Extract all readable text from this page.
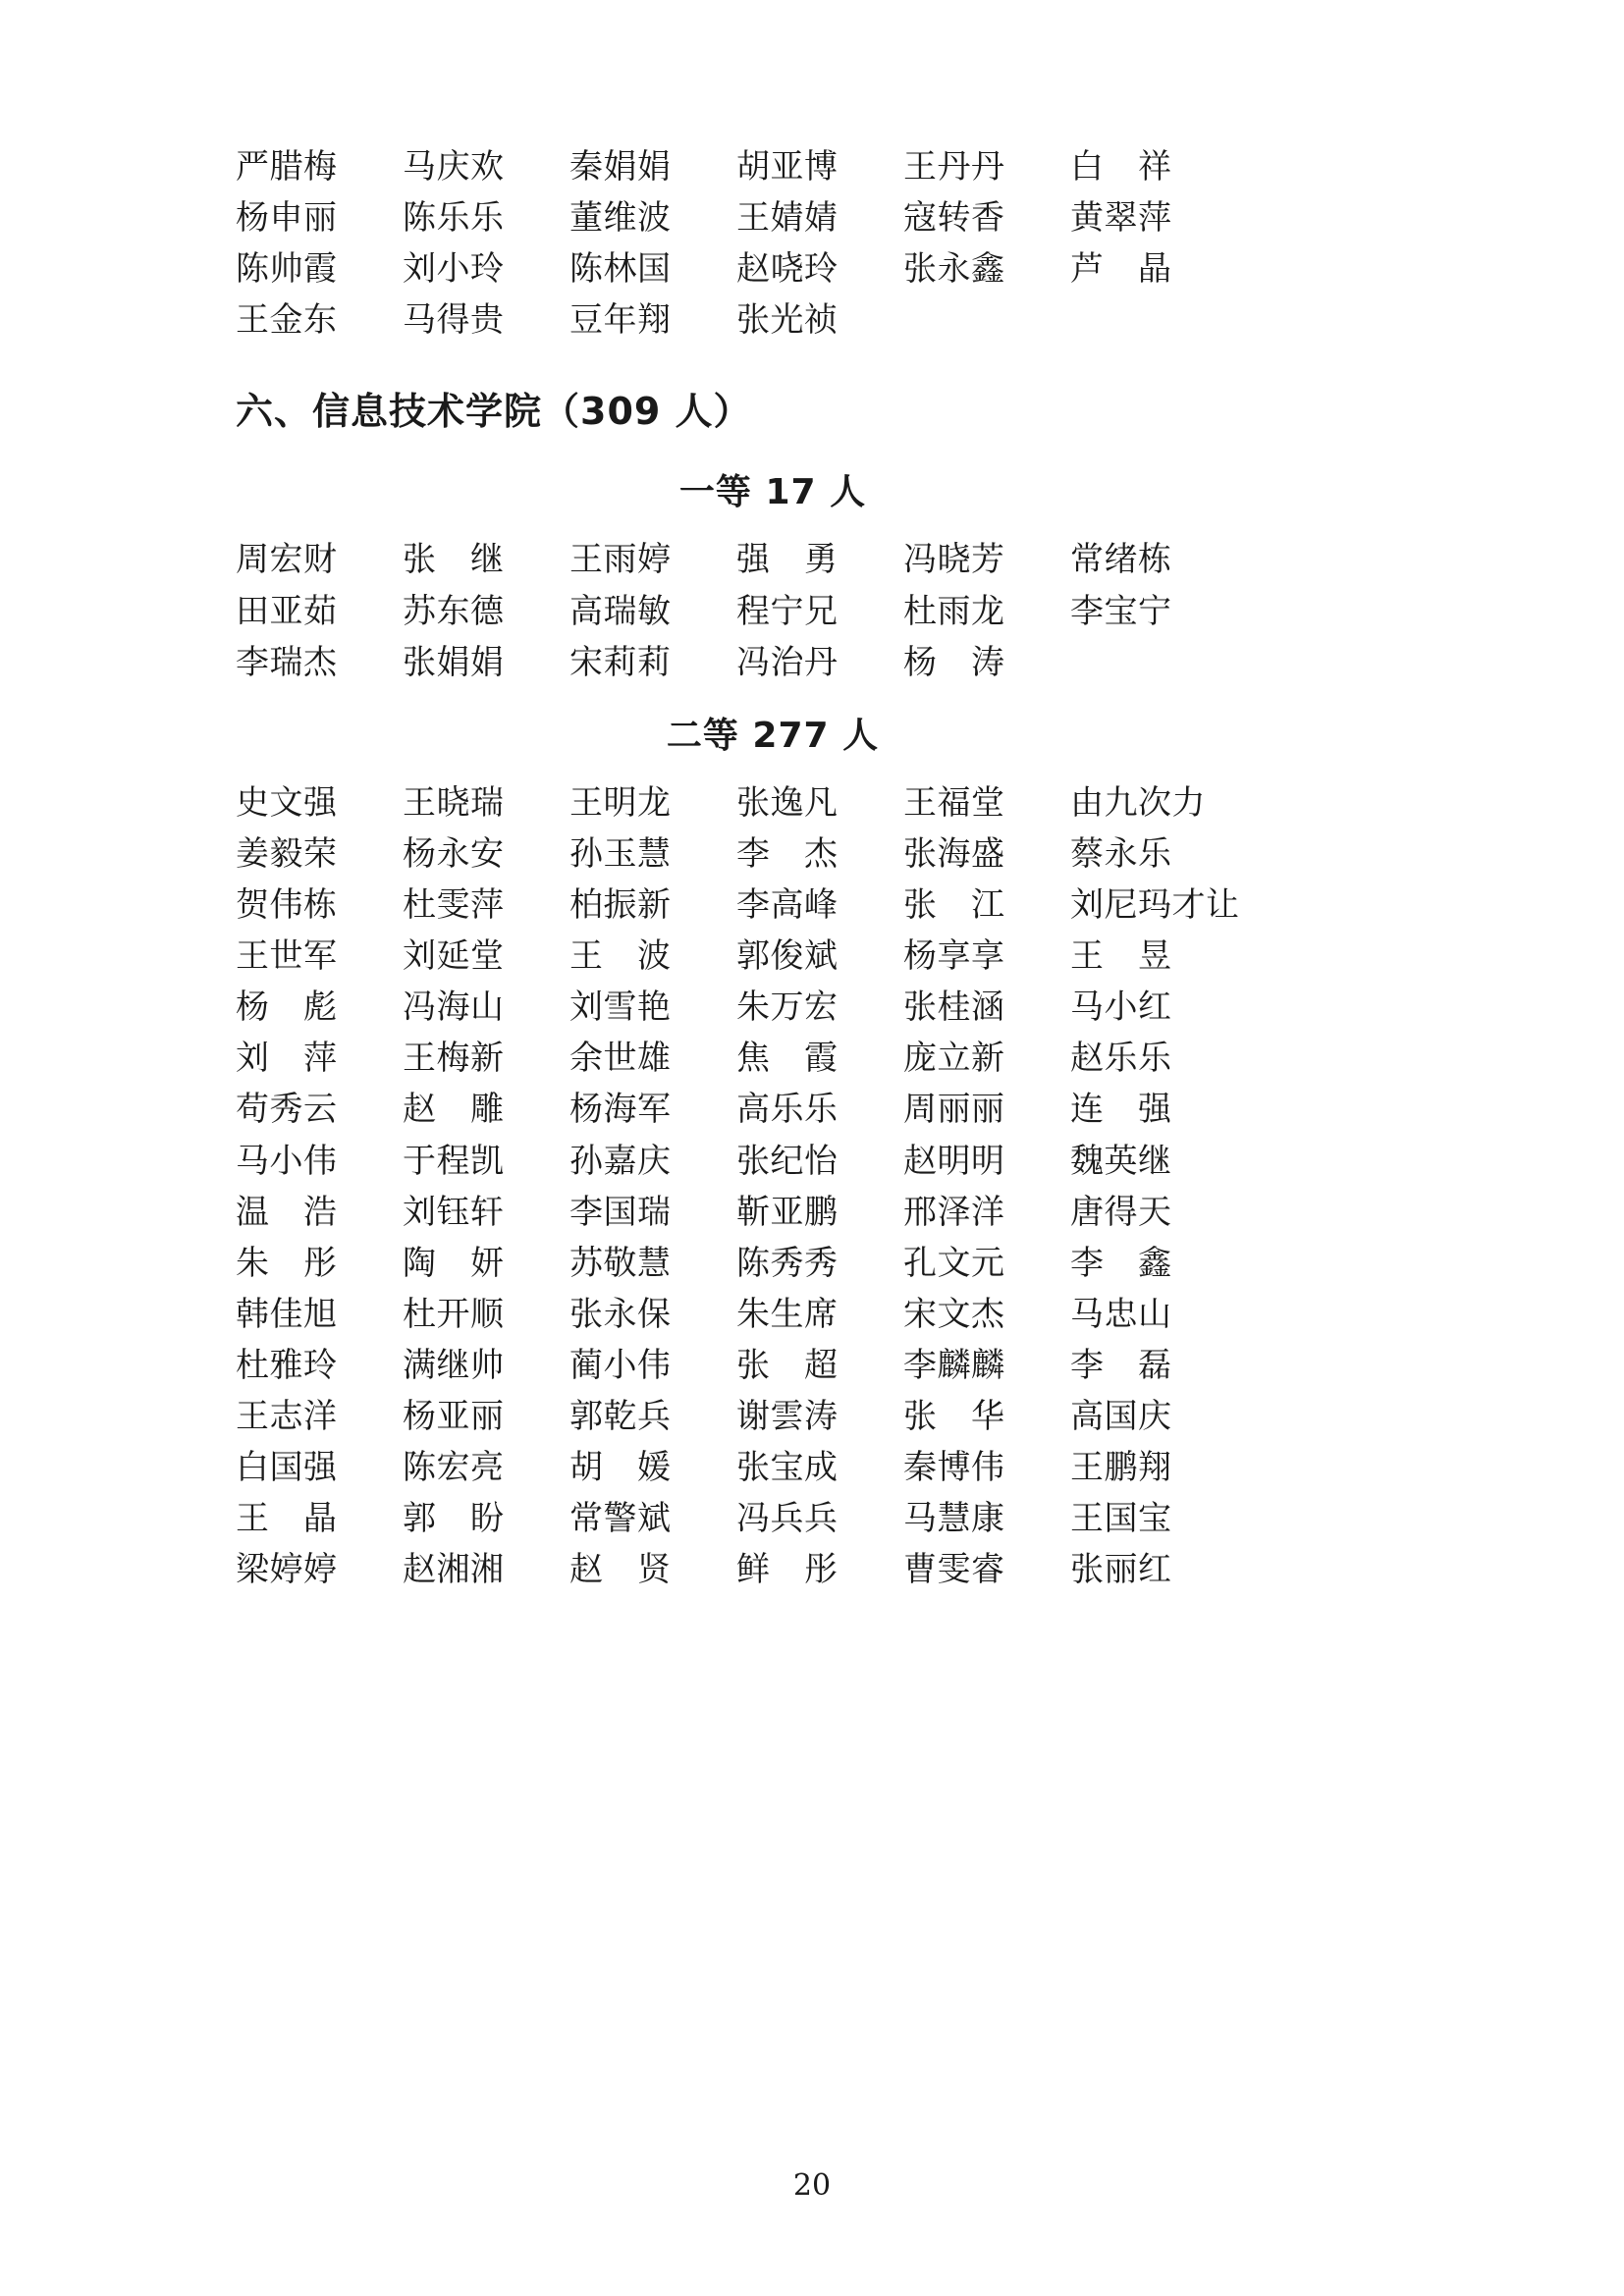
严腊梅	马庆欢	秦娟娟	胡亚博	王丹丹	白　祥
杨申丽	陈乐乐	董维波	王婧婧	寇转香	黄翠萍
陈帅霞	刘小玲	陈林国	赵哓玲	张永鑫	芦　晶
王金东	马得贵	豆年翔	张光祯
六、信息技术学院（309 人）
一等 17 人
周宏财	张　继	王雨婷	强　勇	冯晓芳	常绪栋
田亚茹	苏东德	高瑞敏	程宁兄	杜雨龙	李宝宁
李瑞杰	张娟娟	宋莉莉	冯治丹	杨　涛
二等 277 人
史文强	王晓瑞	王明龙	张逸凡	王福堂	由九次力
姜毅荣	杨永安	孙玉慧	李　杰	张海盛	蔡永乐
贺伟栋	杜雯萍	柏振新	李高峰	张　江	刘尼玛才让
王世军	刘延堂	王　波	郭俊斌	杨享享	王　昱
杨　彪	冯海山	刘雪艳	朱万宏	张桂涵	马小红
刘　萍	王梅新	余世雄	焦　霞	庞立新	赵乐乐
苟秀云	赵　雕	杨海军	高乐乐	周丽丽	连　强
马小伟	于程凯	孙嘉庆	张纪怡	赵明明	魏英继
温　浩	刘钰轩	李国瑞	靳亚鹏	邢泽洋	唐得天
朱　彤	陶　妍	苏敬慧	陈秀秀	孔文元	李　鑫
韩佳旭	杜开顺	张永保	朱生席	宋文杰	马忠山
杜雅玲	满继帅	蔺小伟	张　超	李麟麟	李　磊
王志洋	杨亚丽	郭乾兵	谢雲涛	张　华	高国庆
白国强	陈宏亮	胡　媛	张宝成	秦博伟	王鹏翔
王　晶	郭　盼	常警斌	冯兵兵	马慧康	王国宝
梁婷婷	赵湘湘	赵　贤	鲜　彤	曹雯睿	张丽红
20
